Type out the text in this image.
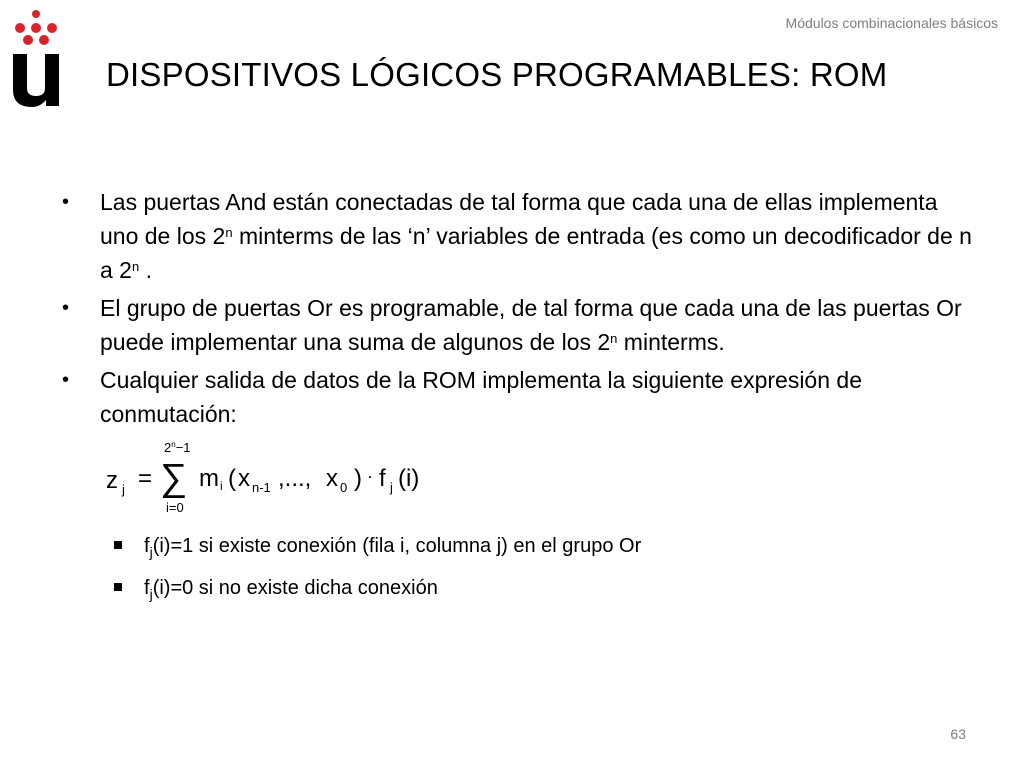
Módulos combinacionales básicos
DISPOSITIVOS LÓGICOS PROGRAMABLES: ROM
• Las puertas And están conectadas de tal forma que cada una de ellas implementa uno de los 2$^n$ minterms de las ‘n’ variables de entrada (es como un decodificador de n a 2$^n$ .
• El grupo de puertas Or es programable, de tal forma que cada una de las puertas Or puede implementar una suma de algunos de los 2$^n$ minterms.
• Cualquier salida de datos de la ROM implementa la siguiente expresión de conmutación:
z j =
$2^n-1$
∑
i=0
m i ( x n-1 ,..., x 0 ) · f j (i)
$f_j(i)=1$ si existe conexión (fila i, columna j) en el grupo Or
$f_j(i)=0$ si no existe dicha conexión
63
